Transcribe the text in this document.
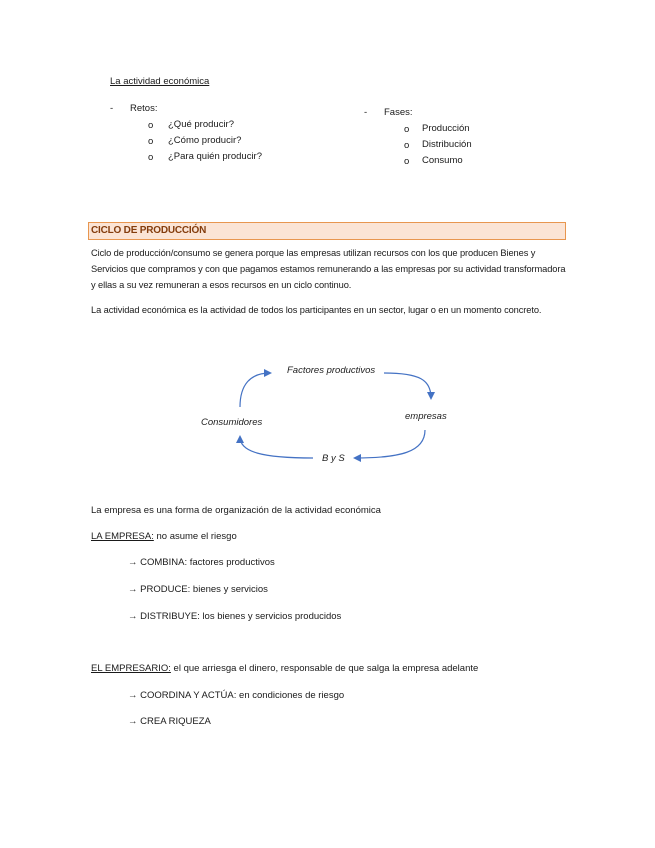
La actividad económica
- Retos:
o ¿Qué producir?
o ¿Cómo producir?
o ¿Para quién producir?
- Fases:
o Producción
o Distribución
o Consumo
CICLO DE PRODUCCIÓN
Ciclo de producción/consumo se genera porque las empresas utilizan recursos con los que producen Bienes y Servicios que compramos y con que pagamos estamos remunerando a las empresas por su actividad transformadora y ellas a su vez remuneran a esos recursos en un ciclo continuo.
La actividad económica es la actividad de todos los participantes en un sector, lugar o en un momento concreto.
Factores productivos
empresas
B y S
Consumidores
La empresa es una forma de organización de la actividad económica
LA EMPRESA: no asume el riesgo
→ COMBINA: factores productivos
→ PRODUCE: bienes y servicios
→ DISTRIBUYE: los bienes y servicios producidos
EL EMPRESARIO: el que arriesga el dinero, responsable de que salga la empresa adelante
→ COORDINA Y ACTÚA: en condiciones de riesgo
→ CREA RIQUEZA
